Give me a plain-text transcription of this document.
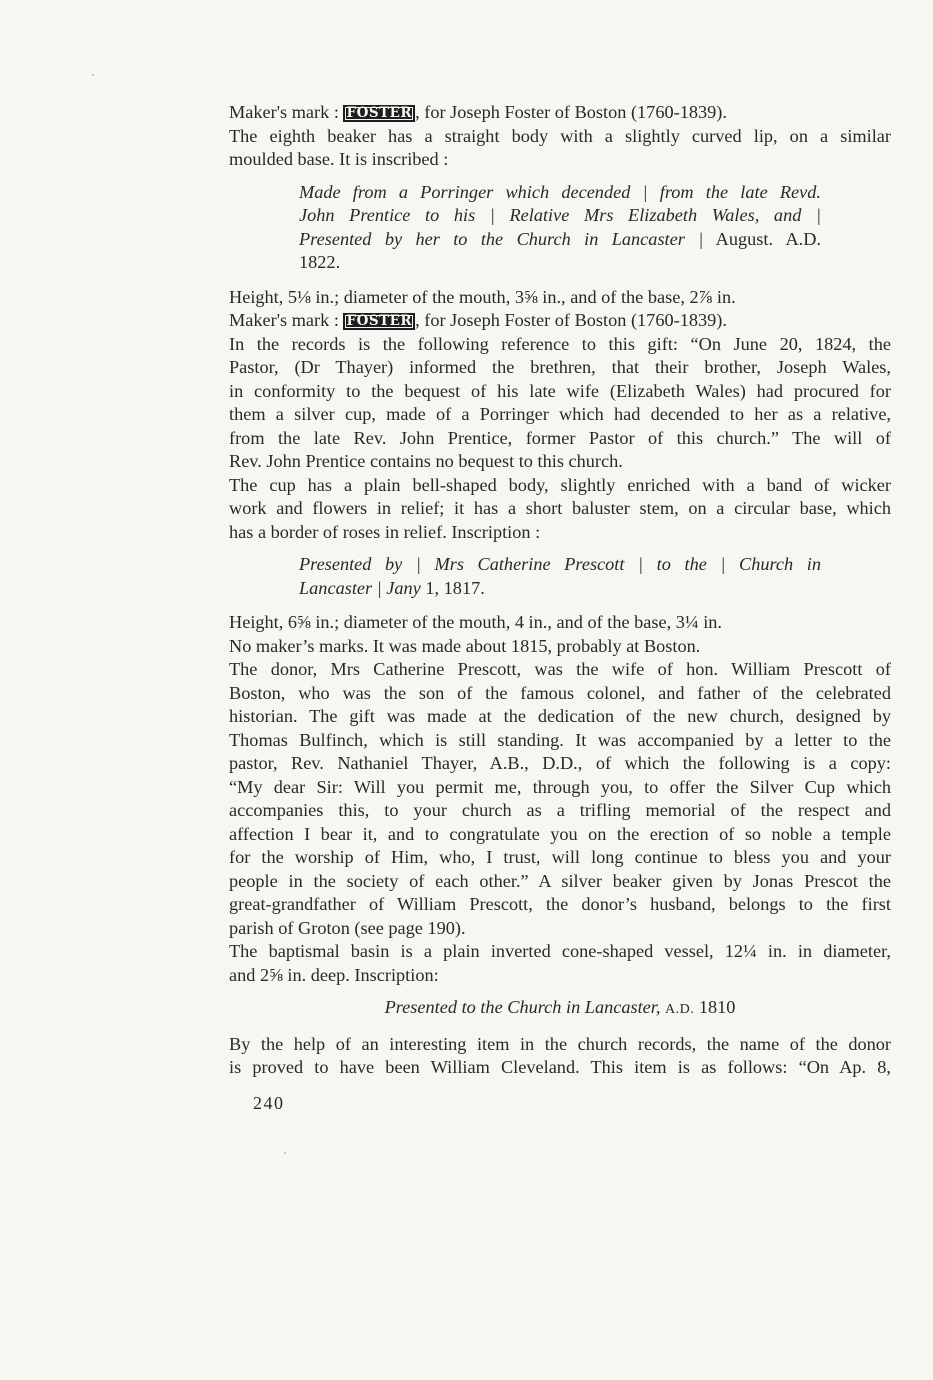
Maker's mark : FOSTER , for Joseph Foster of Boston (1760-1839).
The eighth beaker has a straight body with a slightly curved lip, on a similar
moulded base. It is inscribed :
Made from a Porringer which decended | from the late Revd.
John Prentice to his | Relative Mrs Elizabeth Wales, and |
Presented by her to the Church in Lancaster | August. A.D.
1822.
Height, 5⅛ in.; diameter of the mouth, 3⅝ in., and of the base, 2⅞ in.
Maker's mark : FOSTER , for Joseph Foster of Boston (1760-1839).
In the records is the following reference to this gift: “On June 20, 1824, the
Pastor, (Dr Thayer) informed the brethren, that their brother, Joseph Wales,
in conformity to the bequest of his late wife (Elizabeth Wales) had procured for
them a silver cup, made of a Porringer which had decended to her as a relative,
from the late Rev. John Prentice, former Pastor of this church.” The will of
Rev. John Prentice contains no bequest to this church.
The cup has a plain bell-shaped body, slightly enriched with a band of wicker
work and flowers in relief; it has a short baluster stem, on a circular base, which
has a border of roses in relief. Inscription :
Presented by | Mrs Catherine Prescott | to the | Church in
Lancaster | Jany 1, 1817.
Height, 6⅝ in.; diameter of the mouth, 4 in., and of the base, 3¼ in.
No maker’s marks. It was made about 1815, probably at Boston.
The donor, Mrs Catherine Prescott, was the wife of hon. William Prescott of
Boston, who was the son of the famous colonel, and father of the celebrated
historian. The gift was made at the dedication of the new church, designed by
Thomas Bulfinch, which is still standing. It was accompanied by a letter to the
pastor, Rev. Nathaniel Thayer, A.B., D.D., of which the following is a copy:
“My dear Sir: Will you permit me, through you, to offer the Silver Cup which
accompanies this, to your church as a trifling memorial of the respect and
affection I bear it, and to congratulate you on the erection of so noble a temple
for the worship of Him, who, I trust, will long continue to bless you and your
people in the society of each other.” A silver beaker given by Jonas Prescot the
great-grandfather of William Prescott, the donor’s husband, belongs to the first
parish of Groton (see page 190).
The baptismal basin is a plain inverted cone-shaped vessel, 12¼ in. in diameter,
and 2⅝ in. deep. Inscription:
Presented to the Church in Lancaster, A.D. 1810
By the help of an interesting item in the church records, the name of the donor
is proved to have been William Cleveland. This item is as follows: “On Ap. 8,
240
